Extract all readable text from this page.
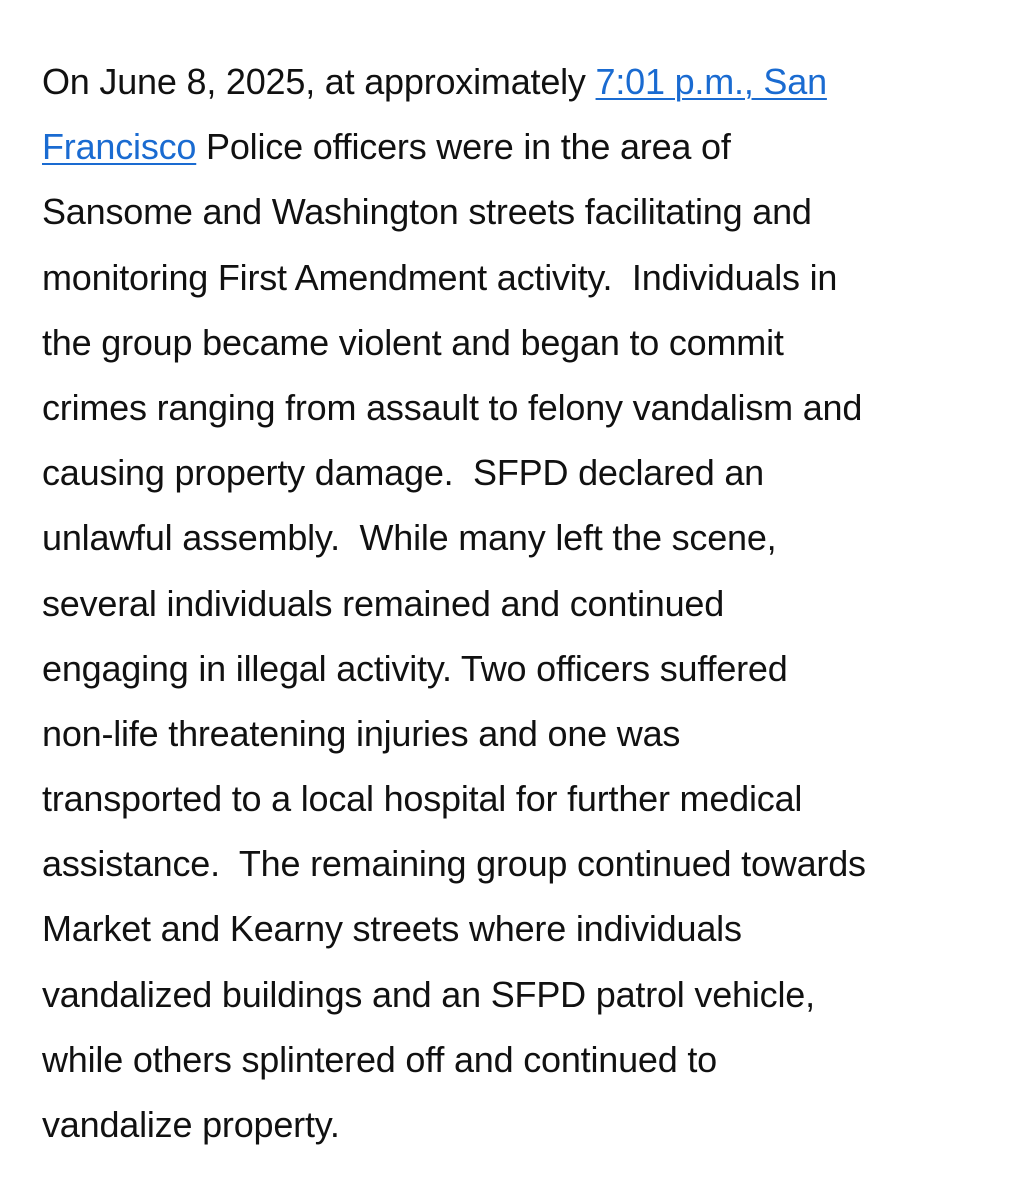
On June 8, 2025, at approximately 7:01 p.m., San
Francisco Police officers were in the area of
Sansome and Washington streets facilitating and
monitoring First Amendment activity.  Individuals in
the group became violent and began to commit
crimes ranging from assault to felony vandalism and
causing property damage.  SFPD declared an
unlawful assembly.  While many left the scene,
several individuals remained and continued
engaging in illegal activity. Two officers suffered
non-life threatening injuries and one was
transported to a local hospital for further medical
assistance.  The remaining group continued towards
Market and Kearny streets where individuals
vandalized buildings and an SFPD patrol vehicle,
while others splintered off and continued to
vandalize property.
